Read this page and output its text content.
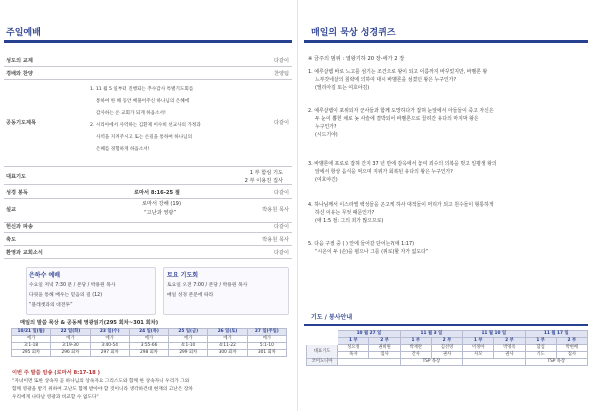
주일예배
성도의 교제	다같이
경배와 찬양	찬양팀
공동기도제목	다같이
1. 11 월 5 일부터 진행되는 추수감사 특별기도회를
통하여 한 해 동안 베풀어주신 하나님의 은혜에
감사하는 온 교회가 되게 하옵소서!
2. 시리아에서 사역하는 김환제 이수희 선교사의 가정과
사역을 지켜주시고 또는 손길을 통하여 하나님의
은혜를 경험하게 하옵소서!
대표기도
1 부 함심 기도
2 부 이용진 집사
성경 봉독	로마서 8:16-25 절	다같이
설교
로마서 강해 (19)
“고난과 영광”	박용원 목사
헌신과 파송	다같이
축도	박용원 목사
환영과 교회소식	다같이
은하수 예배
수요일 저녁 7:30 분 / 본당 / 박용원 목사
다윗을 통해 배우는 믿음의 길 (12)
“블레셋과의 대전투”
토요 기도회
토요일 오전 7:00 / 본당 / 박용원 목사
매일 성경 본문에 따라
매일의 말씀 묵상 & 공동체 영광읽기(295 회차~301 회차)
10/21 일(월)	22 일(화)	23 일(수)	24 일(목)	25 일(금)	26 일(토)	27 일(주일)
에가	에가	에가	에가	에가	에가	에가
3:1-18	3:19-30	3:40-54	3:55-66	4:1-10	4:11-22	5:1-10
295 회차	296 회차	297 회차	298 회차	299 회차	300 회차	301 회차
이번 주 말씀 암송 (로마서 8:17-18 )
“자녀이면 또한 상속자 곧 하나님의 상속자요 그리스도와 함께 한 상속자니 우리가 그와
함께 영광을 받기 위하여 고난도 함께 받아야 할 것이니라 생각하건대 현재의 고난은 장차
우리에게 나타날 영광과 비교할 수 없도다”
매일의 묵상 성경퀴즈
※ 금주의 범위 : 열왕기하 20 장-에가 2 장
1. 예루살렘 바로 느고를 섬기는 조건으로 왕이 되고 이름까지 바꾸었지만, 바벨론 왕
느부갓네살의 침략에 의하여 대시 바벨론을 섬겼던 왕은 누구인가?
(엘리아김 또는 여호야김)
2. 예루살렘이 포위되자 군사들과 함께 도망하다가 잡혀 눈앞에서 아들들이 죽고 자신은
두 눈이 뽑힌 채로 놋 사슬에 결박되어 바벨론으로 끌려간 유다의 마지막 왕은
누구인가?
(시드기야)
3. 바벨론에 포로로 잡혀 간지 37 년 만에 감옥에서 놓여 죄수의 의복을 벗고 일평생 왕의
앞에서 항상 음식을 먹으며 지위가 회복된 유다의 왕은 누구인가?
(여호야긴)
4. 하나님께서 이스라엘 백성들을 곤고케 하사 대적들이 머리가 되고 원수들이 형통하게
하신 이유는 무엇 때문인가?
(애 1:5 절: 그의 죄가 많으므로)
5. 다음 구절 중 ( ) 안에 들어갈 단어는?(애 1:17)
“시온이 두 (손)을 펼으나 그를 (위로)할 자가 없도다”
기도 / 봉사안내
	10 월 27 일		11 월 3 일		11 월 10 일		11 월 17 일	
	1 부	2 부	1 부	2 부	1 부	2 부	1 부	2 부
대표기도	성요정	권희원	박재란	김선영	이정아	박영옥	함심	박현배
	목자	집사	간사	권사	사모	권사	기도	집사
코이노니아			TSP 목장				TSP 목장	
